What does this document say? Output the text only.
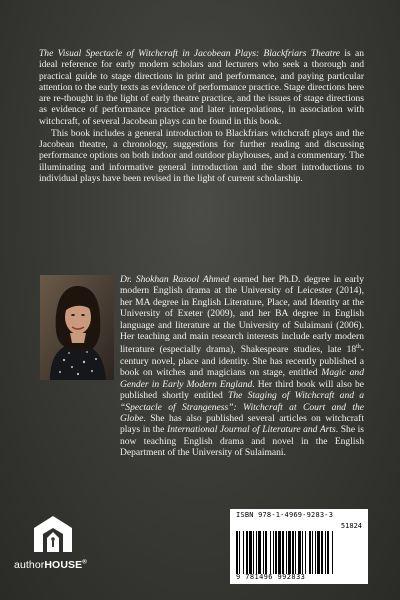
The Visual Spectacle of Witchcraft in Jacobean Plays: Blackfriars Theatre is an ideal reference for early modern scholars and lecturers who seek a thorough and practical guide to stage directions in print and performance, and paying particular attention to the early texts as evidence of performance practice. Stage directions here are re-thought in the light of early theatre practice, and the issues of stage directions as evidence of performance practice and later interpolations, in association with witchcraft, of several Jacobean plays can be found in this book.

This book includes a general introduction to Blackfriars witchcraft plays and the Jacobean theatre, a chronology, suggestions for further reading and discussing performance options on both indoor and outdoor playhouses, and a commentary. The illuminating and informative general introduction and the short introductions to individual plays have been revised in the light of current scholarship.

Dr. Shokhan Rasool Ahmed earned her Ph.D. degree in early modern English drama at the University of Leicester (2014), her MA degree in English Literature, Place, and Identity at the University of Exeter (2009), and her BA degree in English language and literature at the University of Sulaimani (2006). Her teaching and main research interests include early modern literature (especially drama), Shakespeare studies, late 18th-century novel, place and identity. She has recently published a book on witches and magicians on stage, entitled Magic and Gender in Early Modern England. Her third book will also be published shortly entitled The Staging of Witchcraft and a “Spectacle of Strangeness”: Witchcraft at Court and the Globe. She has also published several articles on witchcraft plays in the International Journal of Literature and Arts. She is now teaching English drama and novel in the English Department of the University of Sulaimani.

authorHOUSE®
ISBN 978-1-4969-9283-3
51824
9 781496 992833
